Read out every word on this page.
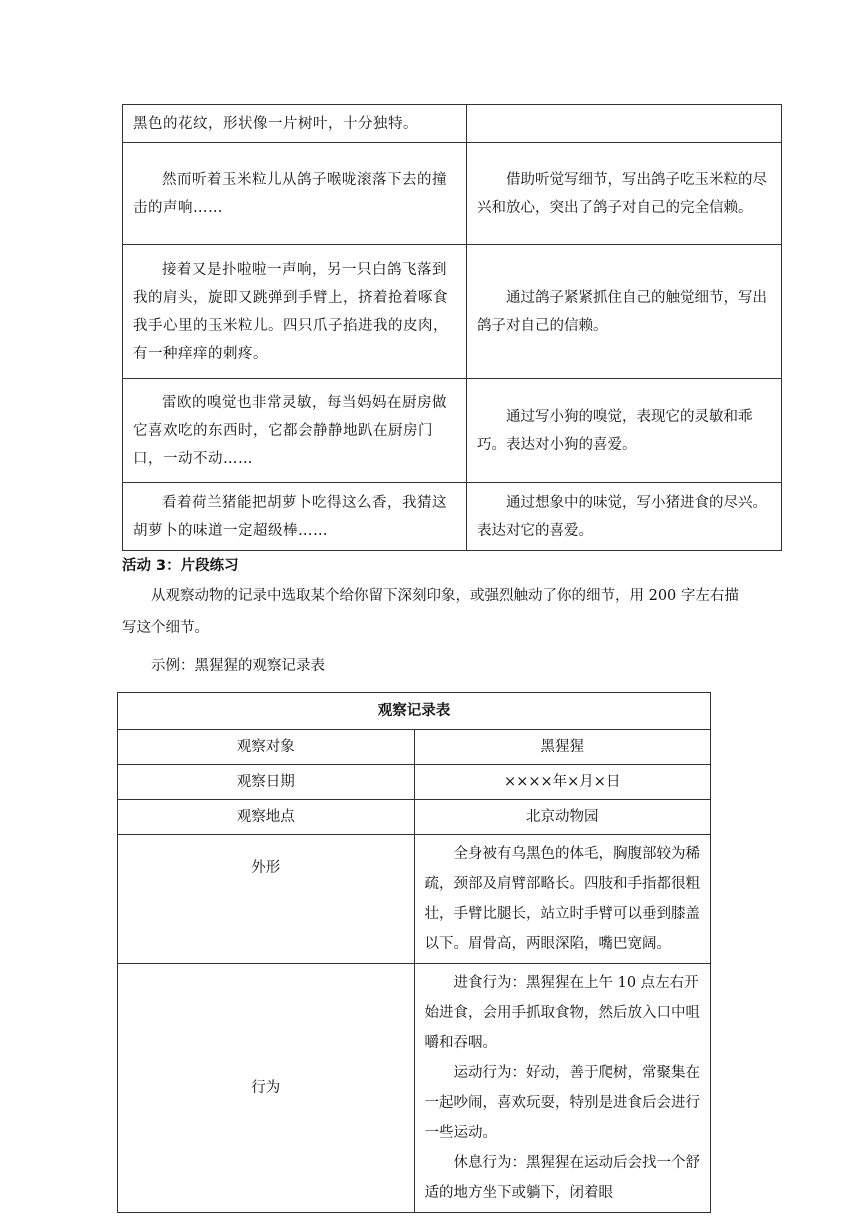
黑色的花纹，形状像一片树叶，十分独特。	
然而听着玉米粒儿从鸽子喉咙滚落下去的撞击的声响……	借助听觉写细节，写出鸽子吃玉米粒的尽兴和放心，突出了鸽子对自己的完全信赖。
接着又是扑啦啦一声响，另一只白鸽飞落到我的肩头，旋即又跳弹到手臂上，挤着抢着啄食我手心里的玉米粒儿。四只爪子掐进我的皮肉，有一种痒痒的刺疼。	通过鸽子紧紧抓住自己的触觉细节，写出鸽子对自己的信赖。
雷欧的嗅觉也非常灵敏，每当妈妈在厨房做它喜欢吃的东西时，它都会静静地趴在厨房门口，一动不动……	通过写小狗的嗅觉，表现它的灵敏和乖巧。表达对小狗的喜爱。
看着荷兰猪能把胡萝卜吃得这么香，我猜这胡萝卜的味道一定超级棒……	通过想象中的味觉，写小猪进食的尽兴。表达对它的喜爱。
活动 3：片段练习
从观察动物的记录中选取某个给你留下深刻印象，或强烈触动了你的细节，用 200 字左右描写这个细节。
示例：黑猩猩的观察记录表
观察记录表	
观察对象	黑猩猩
观察日期	××××年×月×日
观察地点	北京动物园
外形	全身被有乌黑色的体毛，胸腹部较为稀疏，颈部及肩臂部略长。四肢和手指都很粗壮，手臂比腿长，站立时手臂可以垂到膝盖以下。眉骨高，两眼深陷，嘴巴宽阔。

行为	进食行为：黑猩猩在上午 10 点左右开始进食，会用手抓取食物，然后放入口中咀嚼和吞咽。

运动行为：好动，善于爬树，常聚集在一起吵闹，喜欢玩耍，特别是进食后会进行一些运动。

休息行为：黑猩猩在运动后会找一个舒适的地方坐下或躺下，闭着眼
